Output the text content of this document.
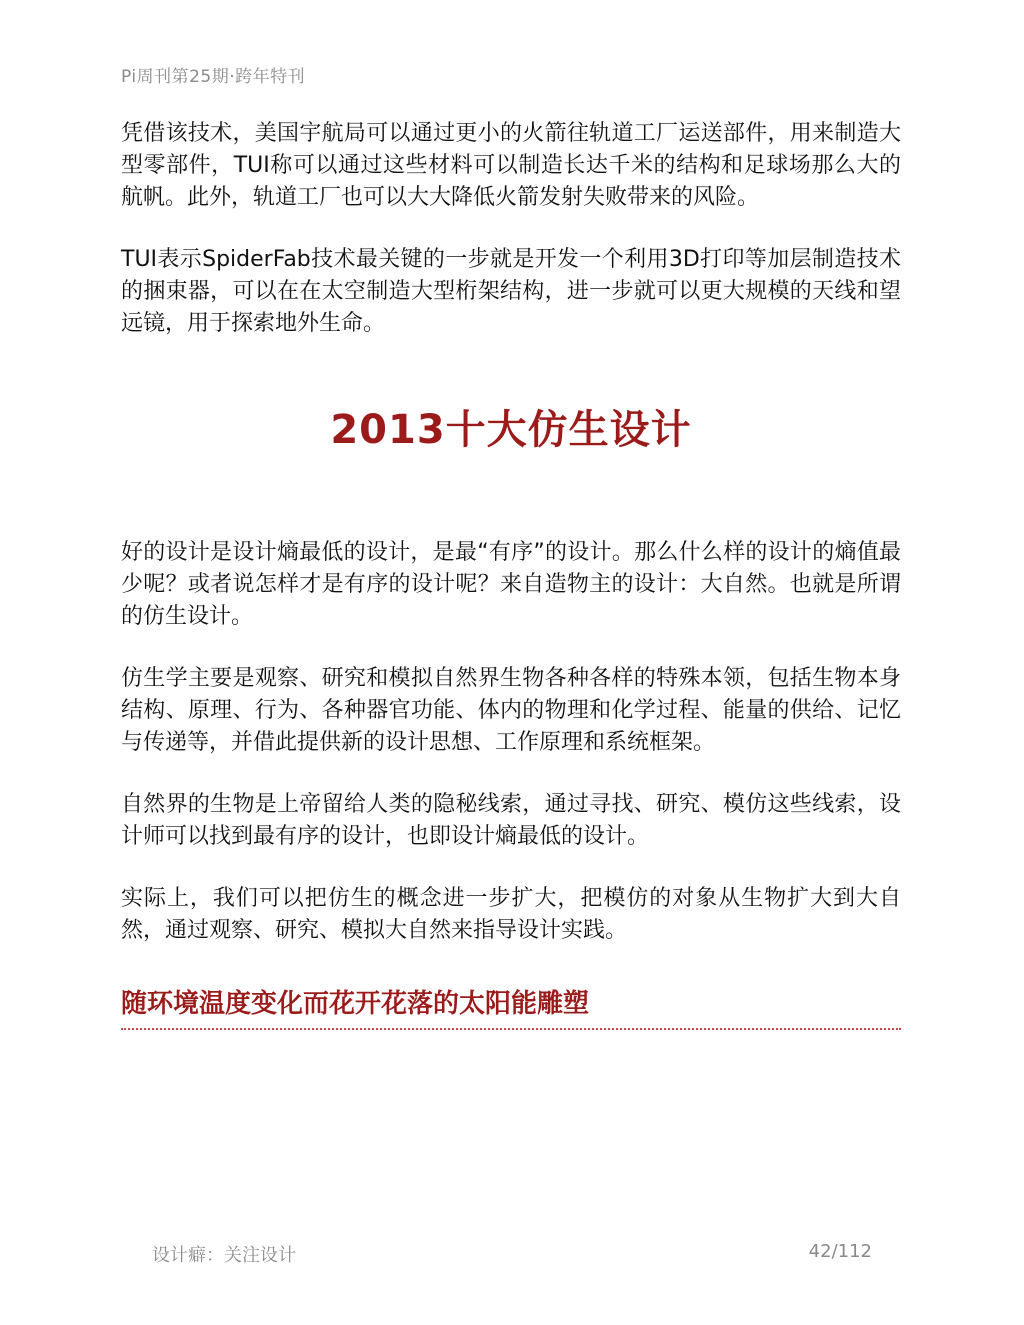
Pi周刊第25期·跨年特刊

凭借该技术，美国宇航局可以通过更小的火箭往轨道工厂运送部件，用来制造大型零部件，TUI称可以通过这些材料可以制造长达千米的结构和足球场那么大的航帆。此外，轨道工厂也可以大大降低火箭发射失败带来的风险。

TUI表示SpiderFab技术最关键的一步就是开发一个利用3D打印等加层制造技术的捆束器，可以在在太空制造大型桁架结构，进一步就可以更大规模的天线和望远镜，用于探索地外生命。

2013十大仿生设计

好的设计是设计熵最低的设计，是最“有序”的设计。那么什么样的设计的熵值最少呢？或者说怎样才是有序的设计呢？来自造物主的设计：大自然。也就是所谓的仿生设计。

仿生学主要是观察、研究和模拟自然界生物各种各样的特殊本领，包括生物本身结构、原理、行为、各种器官功能、体内的物理和化学过程、能量的供给、记忆与传递等，并借此提供新的设计思想、工作原理和系统框架。

自然界的生物是上帝留给人类的隐秘线索，通过寻找、研究、模仿这些线索，设计师可以找到最有序的设计，也即设计熵最低的设计。

实际上，我们可以把仿生的概念进一步扩大，把模仿的对象从生物扩大到大自然，通过观察、研究、模拟大自然来指导设计实践。

随环境温度变化而花开花落的太阳能雕塑
设计癖：关注设计	42/112
